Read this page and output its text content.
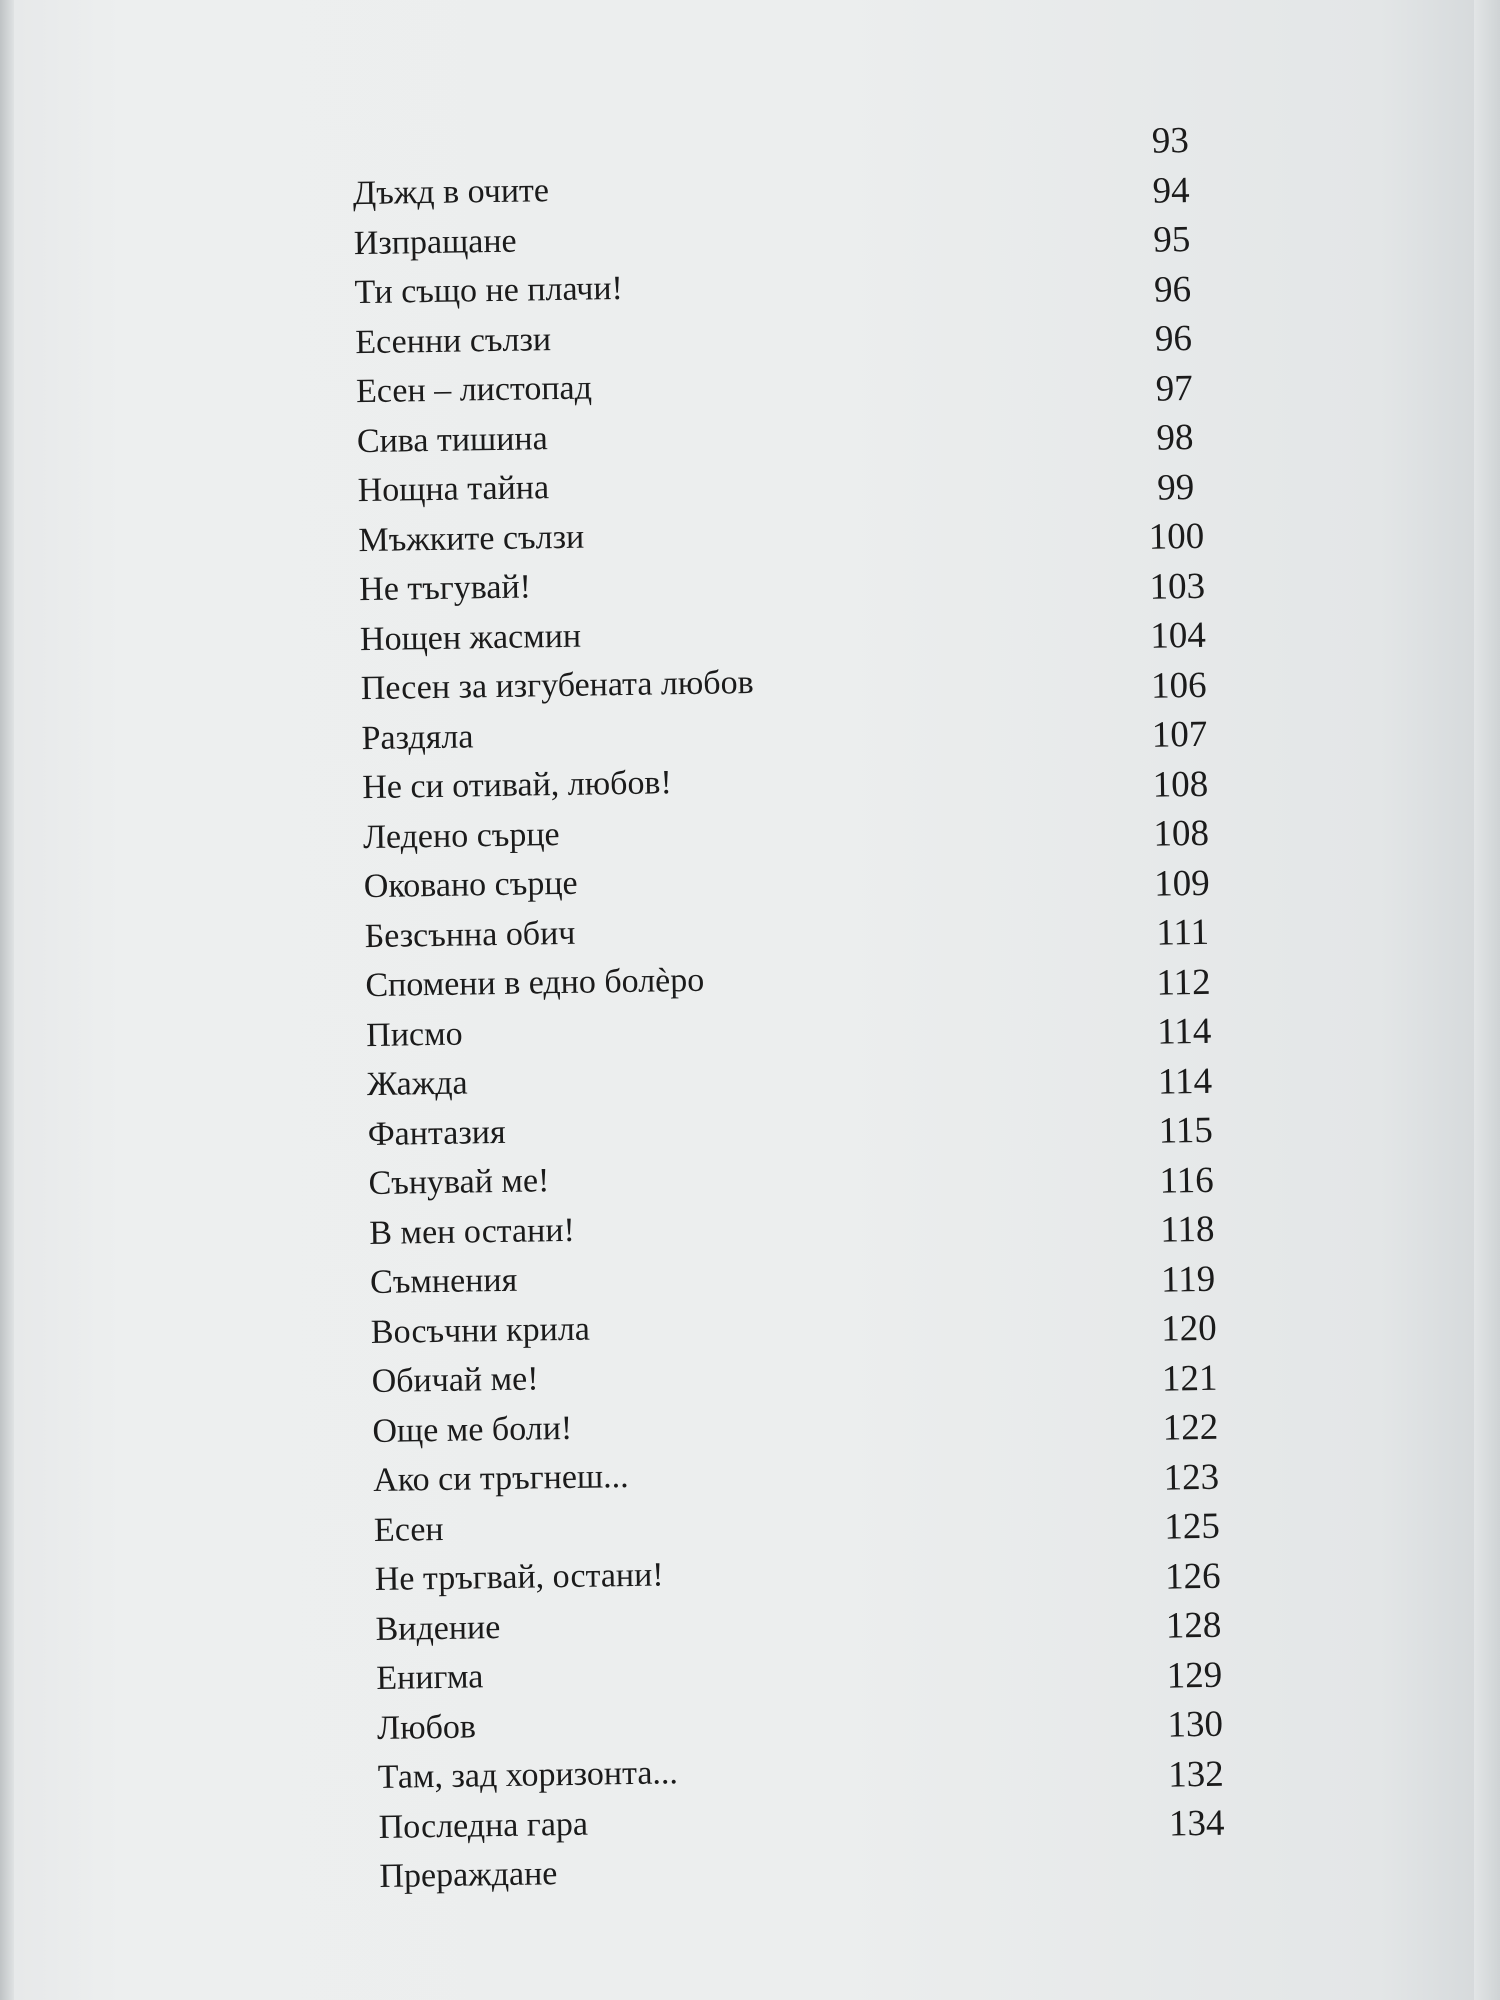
Дъжд в очите
Изпращане
Ти също не плачи!
Есенни сълзи
Есен – листопад
Сива тишина
Нощна тайна
Мъжките сълзи
Не тъгувай!
Нощен жасмин
Песен за изгубената любов
Раздяла
Не си отивай, любов!
Ледено сърце
Оковано сърце
Безсънна обич
Спомени в едно болѐро
Писмо
Жажда
Фантазия
Сънувай ме!
В мен остани!
Съмнения
Восъчни крила
Обичай ме!
Още ме боли!
Ако си тръгнеш...
Есен
Не тръгвай, остани!
Видение
Енигма
Любов
Там, зад хоризонта...
Последна гара
Прераждане
93
94
95
96
96
97
98
99
100
103
104
106
107
108
108
109
111
112
114
114
115
116
118
119
120
121
122
123
125
126
128
129
130
132
134
